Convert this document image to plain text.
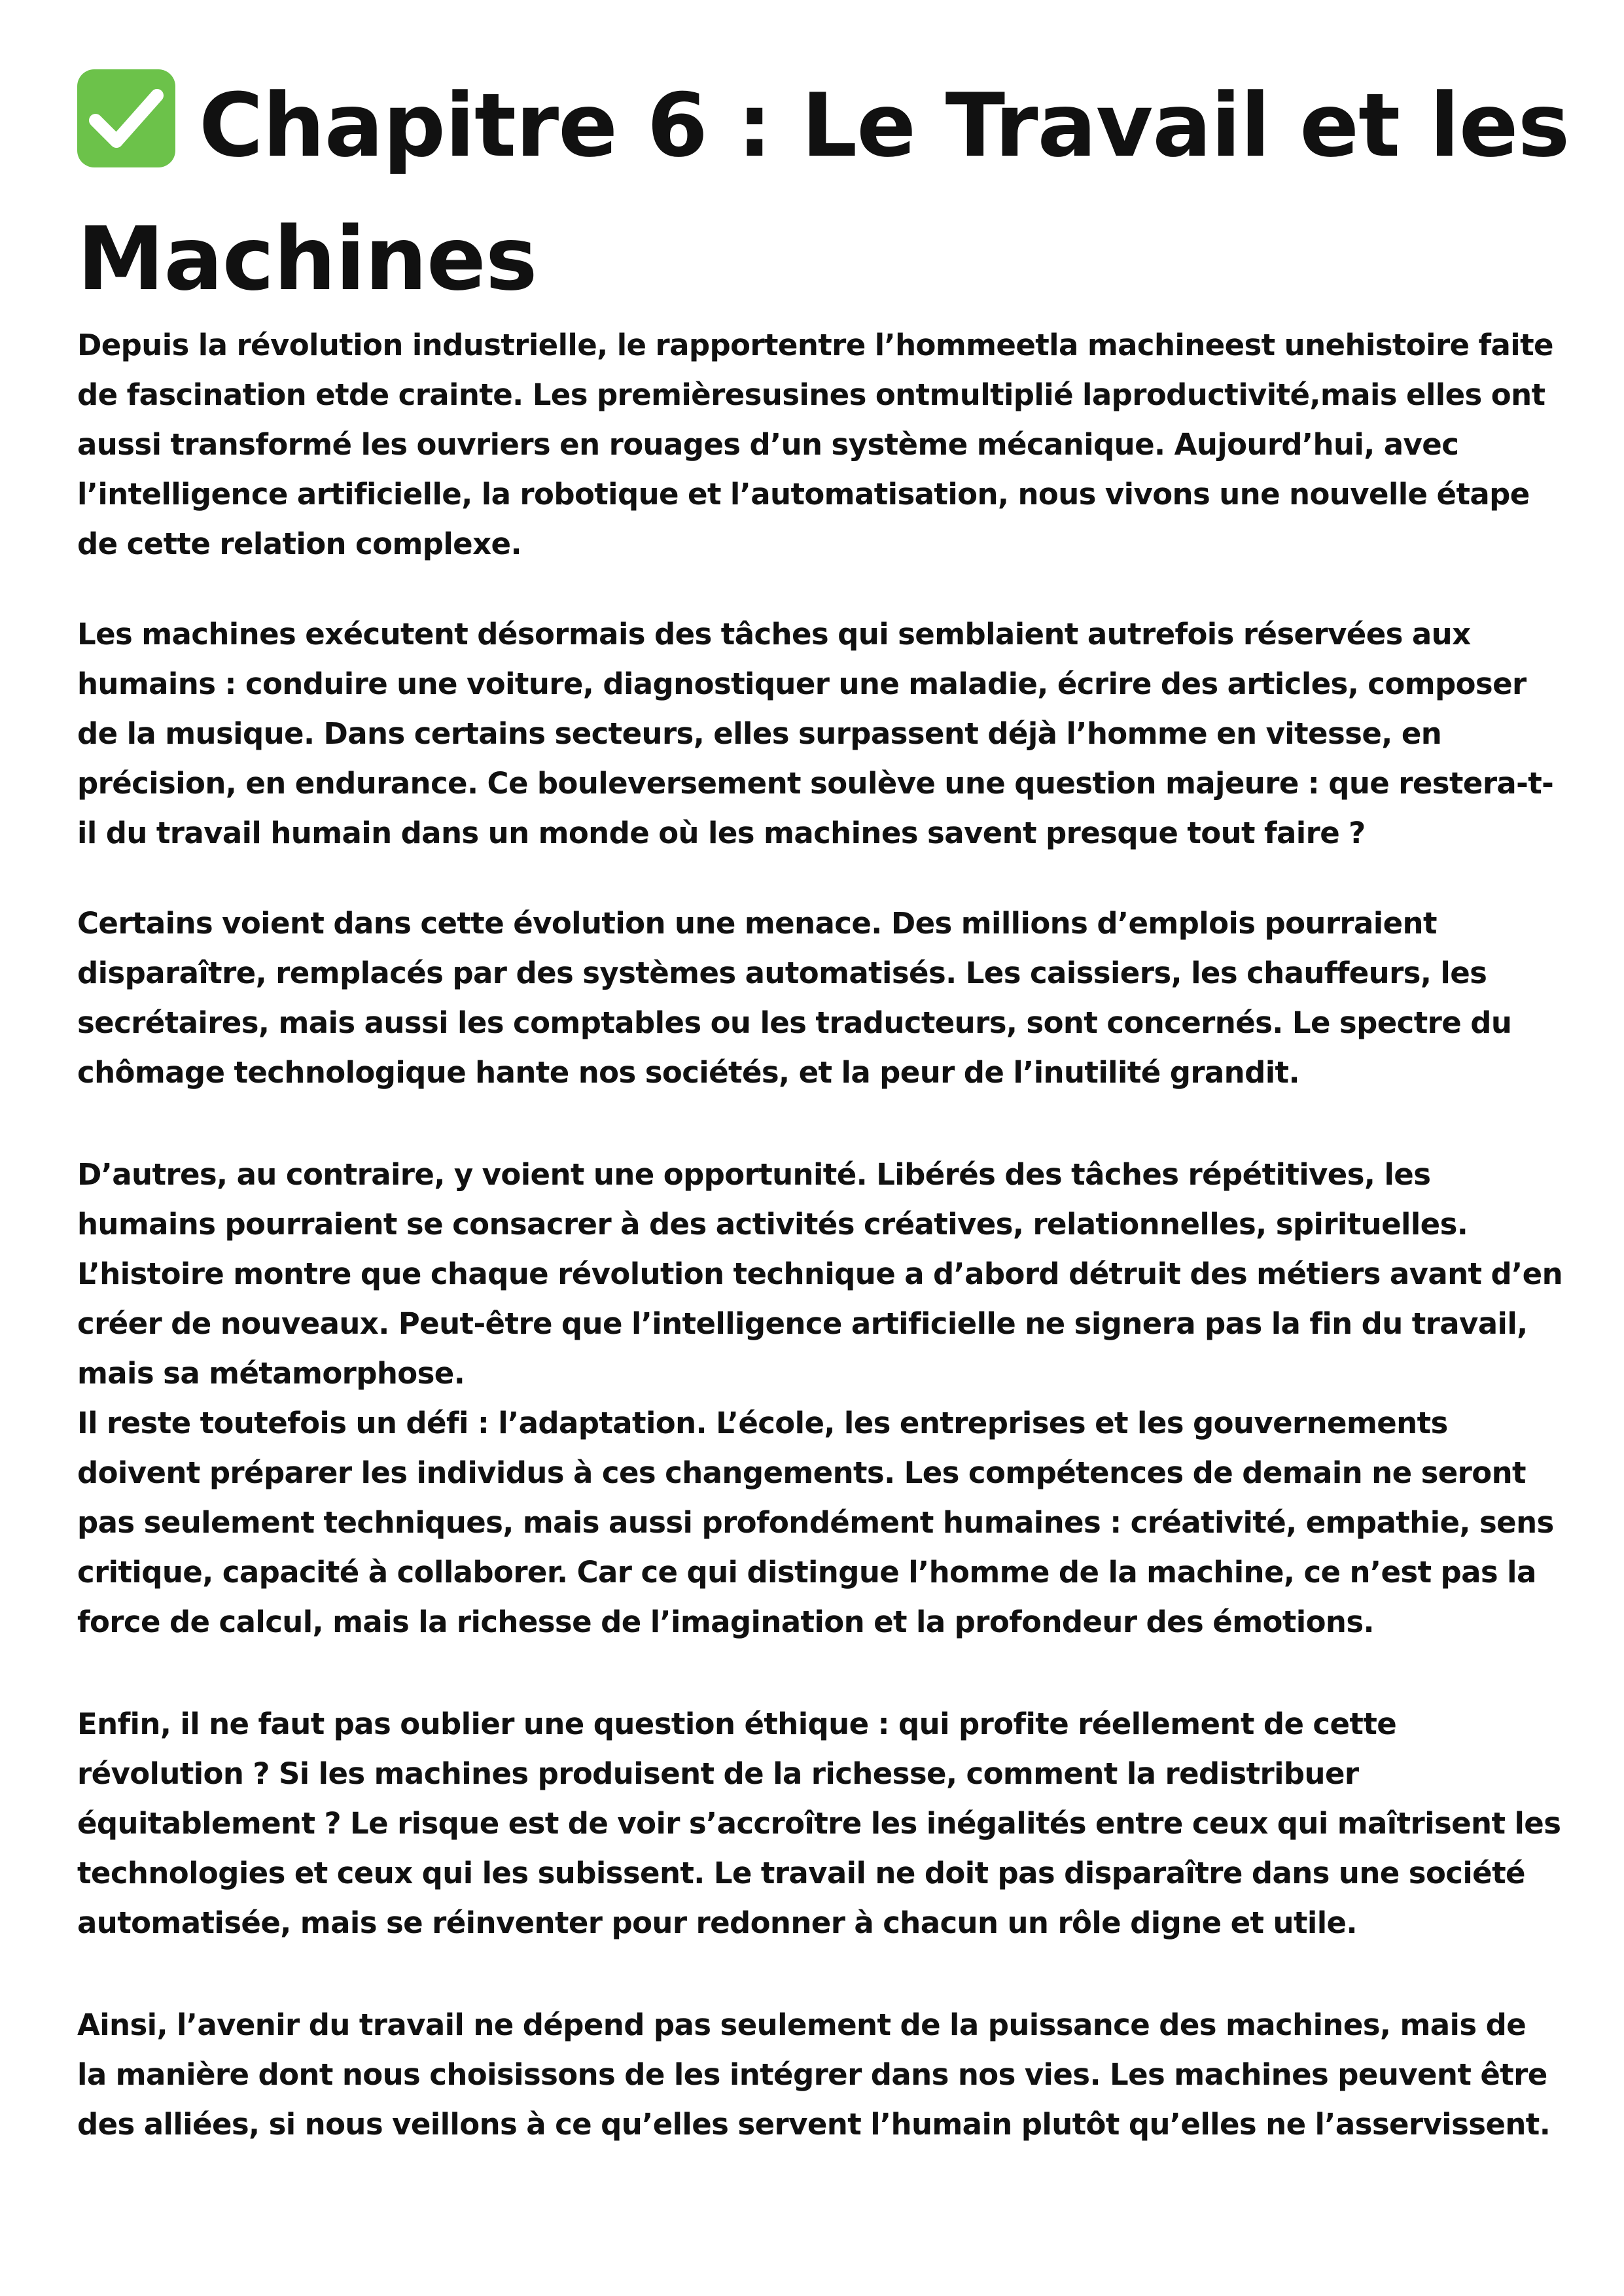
Chapitre 6 : Le Travail et les
Machines

Depuis la révolution industrielle, le rapportentre l’hommeetla machineest unehistoire faite de fascination etde crainte. Les premièresusines ontmultiplié laproductivité,mais elles ont aussi transformé les ouvriers en rouages d’un système mécanique. Aujourd’hui, avec l’intelligence artificielle, la robotique et l’automatisation, nous vivons une nouvelle étape de cette relation complexe.

Les machines exécutent désormais des tâches qui semblaient autrefois réservées aux humains : conduire une voiture, diagnostiquer une maladie, écrire des articles, composer de la musique. Dans certains secteurs, elles surpassent déjà l’homme en vitesse, en précision, en endurance. Ce bouleversement soulève une question majeure : que restera-t-il du travail humain dans un monde où les machines savent presque tout faire ?

Certains voient dans cette évolution une menace. Des millions d’emplois pourraient disparaître, remplacés par des systèmes automatisés. Les caissiers, les chauffeurs, les secrétaires, mais aussi les comptables ou les traducteurs, sont concernés. Le spectre du chômage technologique hante nos sociétés, et la peur de l’inutilité grandit.

D’autres, au contraire, y voient une opportunité. Libérés des tâches répétitives, les humains pourraient se consacrer à des activités créatives, relationnelles, spirituelles. L’histoire montre que chaque révolution technique a d’abord détruit des métiers avant d’en créer de nouveaux. Peut-être que l’intelligence artificielle ne signera pas la fin du travail, mais sa métamorphose.

Il reste toutefois un défi : l’adaptation. L’école, les entreprises et les gouvernements doivent préparer les individus à ces changements. Les compétences de demain ne seront pas seulement techniques, mais aussi profondément humaines : créativité, empathie, sens critique, capacité à collaborer. Car ce qui distingue l’homme de la machine, ce n’est pas la force de calcul, mais la richesse de l’imagination et la profondeur des émotions.

Enfin, il ne faut pas oublier une question éthique : qui profite réellement de cette révolution ? Si les machines produisent de la richesse, comment la redistribuer équitablement ? Le risque est de voir s’accroître les inégalités entre ceux qui maîtrisent les technologies et ceux qui les subissent. Le travail ne doit pas disparaître dans une société automatisée, mais se réinventer pour redonner à chacun un rôle digne et utile.

Ainsi, l’avenir du travail ne dépend pas seulement de la puissance des machines, mais de la manière dont nous choisissons de les intégrer dans nos vies. Les machines peuvent être des alliées, si nous veillons à ce qu’elles servent l’humain plutôt qu’elles ne l’asservissent.
